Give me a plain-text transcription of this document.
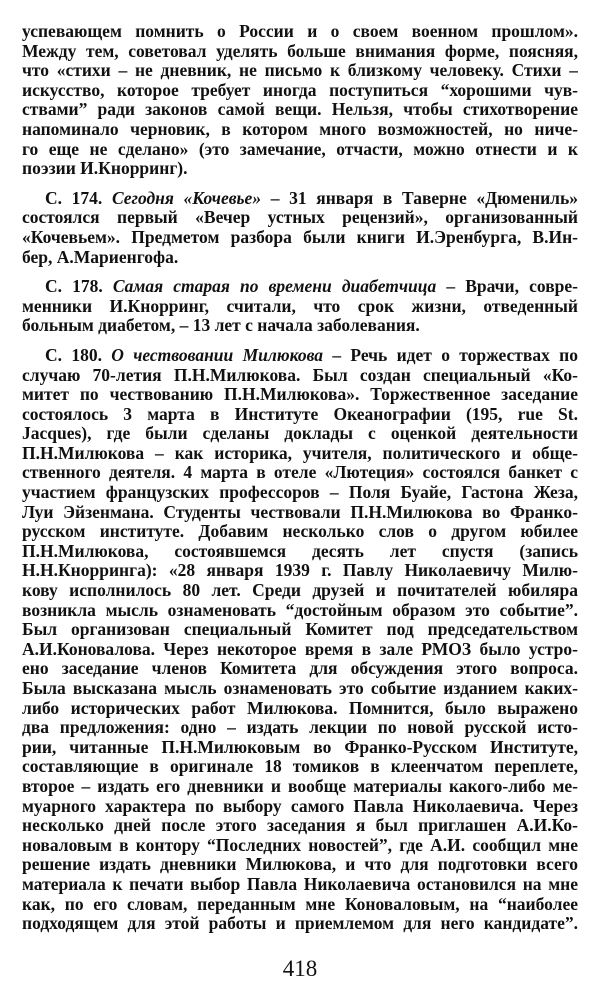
успевающем помнить о России и о своем военном прошлом».
Между тем, советовал уделять больше внимания форме, поясняя,
что «стихи – не дневник, не письмо к близкому человеку. Стихи –
искусство, которое требует иногда поступиться “хорошими чув-
ствами” ради законов самой вещи. Нельзя, чтобы стихотворение
напоминало черновик, в котором много возможностей, но ниче-
го еще не сделано» (это замечание, отчасти, можно отнести и к
поэзии И.Кнорринг).
С. 174. Сегодня «Кочевье» – 31 января в Таверне «Дюмениль»
состоялся первый «Вечер устных рецензий», организованный
«Кочевьем». Предметом разбора были книги И.Эренбурга, В.Ин-
бер, А.Мариенгофа.
С. 178. Самая старая по времени диабетчица – Врачи, совре-
менники И.Кнорринг, считали, что срок жизни, отведенный
больным диабетом, – 13 лет с начала заболевания.
С. 180. О чествовании Милюкова – Речь идет о торжествах по
случаю 70-летия П.Н.Милюкова. Был создан специальный «Ко-
митет по чествованию П.Н.Милюкова». Торжественное заседание
состоялось 3 марта в Институте Океанографии (195, rue St.
Jacques), где были сделаны доклады с оценкой деятельности
П.Н.Милюкова – как историка, учителя, политического и обще-
ственного деятеля. 4 марта в отеле «Лютеция» состоялся банкет с
участием французских профессоров – Поля Буайе, Гастона Жеза,
Луи Эйзенмана. Студенты чествовали П.Н.Милюкова во Франко-
русском институте. Добавим несколько слов о другом юбилее
П.Н.Милюкова, состоявшемся десять лет спустя (запись
Н.Н.Кнорринга): «28 января 1939 г. Павлу Николаевичу Милю-
кову исполнилось 80 лет. Среди друзей и почитателей юбиляра
возникла мысль ознаменовать “достойным образом это событие”.
Был организован специальный Комитет под председательством
А.И.Коновалова. Через некоторое время в зале РМОЗ было устро-
ено заседание членов Комитета для обсуждения этого вопроса.
Была высказана мысль ознаменовать это событие изданием каких-
либо исторических работ Милюкова. Помнится, было выражено
два предложения: одно – издать лекции по новой русской исто-
рии, читанные П.Н.Милюковым во Франко-Русском Институте,
составляющие в оригинале 18 томиков в клеенчатом переплете,
второе – издать его дневники и вообще материалы какого-либо ме-
муарного характера по выбору самого Павла Николаевича. Через
несколько дней после этого заседания я был приглашен А.И.Ко-
новаловым в контору “Последних новостей”, где А.И. сообщил мне
решение издать дневники Милюкова, и что для подготовки всего
материала к печати выбор Павла Николаевича остановился на мне
как, по его словам, переданным мне Коноваловым, на “наиболее
подходящем для этой работы и приемлемом для него кандидате”.
418
